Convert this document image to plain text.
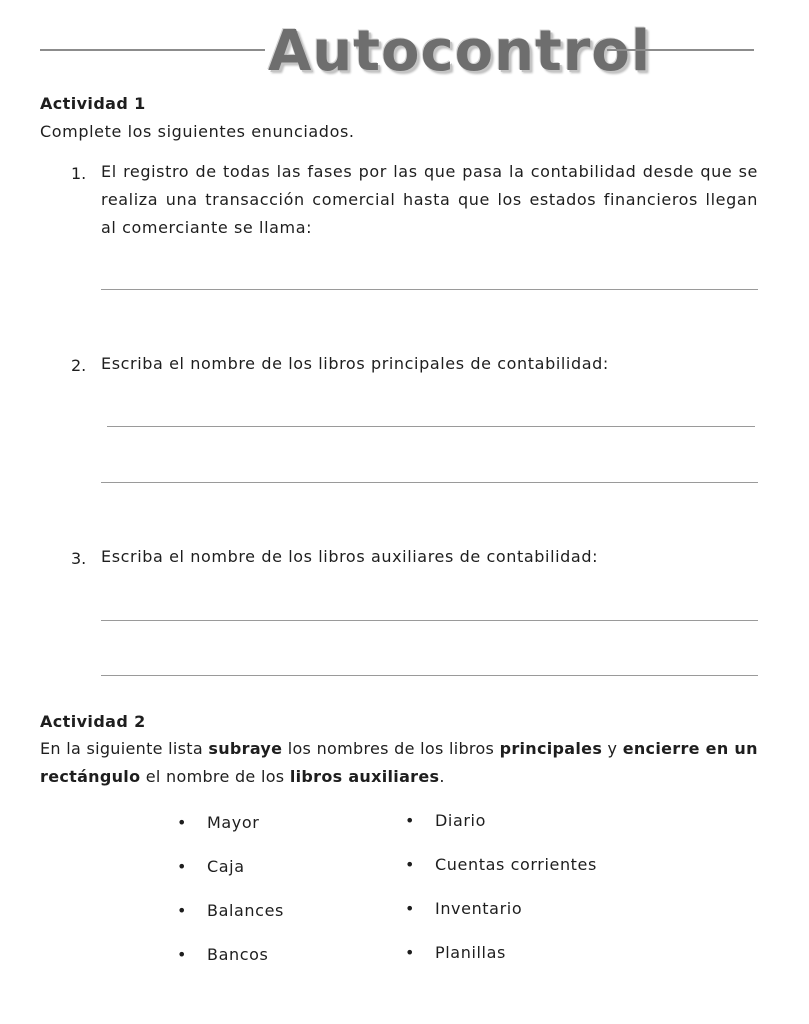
Autocontrol
Actividad 1
Complete los siguientes enunciados.
1. El registro de todas las fases por las que pasa la contabilidad desde que se realiza una transacción comercial hasta que los estados financieros llegan al comerciante se llama:
2. Escriba el nombre de los libros principales de contabilidad:
3. Escriba el nombre de los libros auxiliares de contabilidad:
Actividad 2
En la siguiente lista subraye los nombres de los libros principales y encierre en un rectángulo el nombre de los libros auxiliares.
• Mayor
• Caja
• Balances
• Bancos
• Diario
• Cuentas corrientes
• Inventario
• Planillas
